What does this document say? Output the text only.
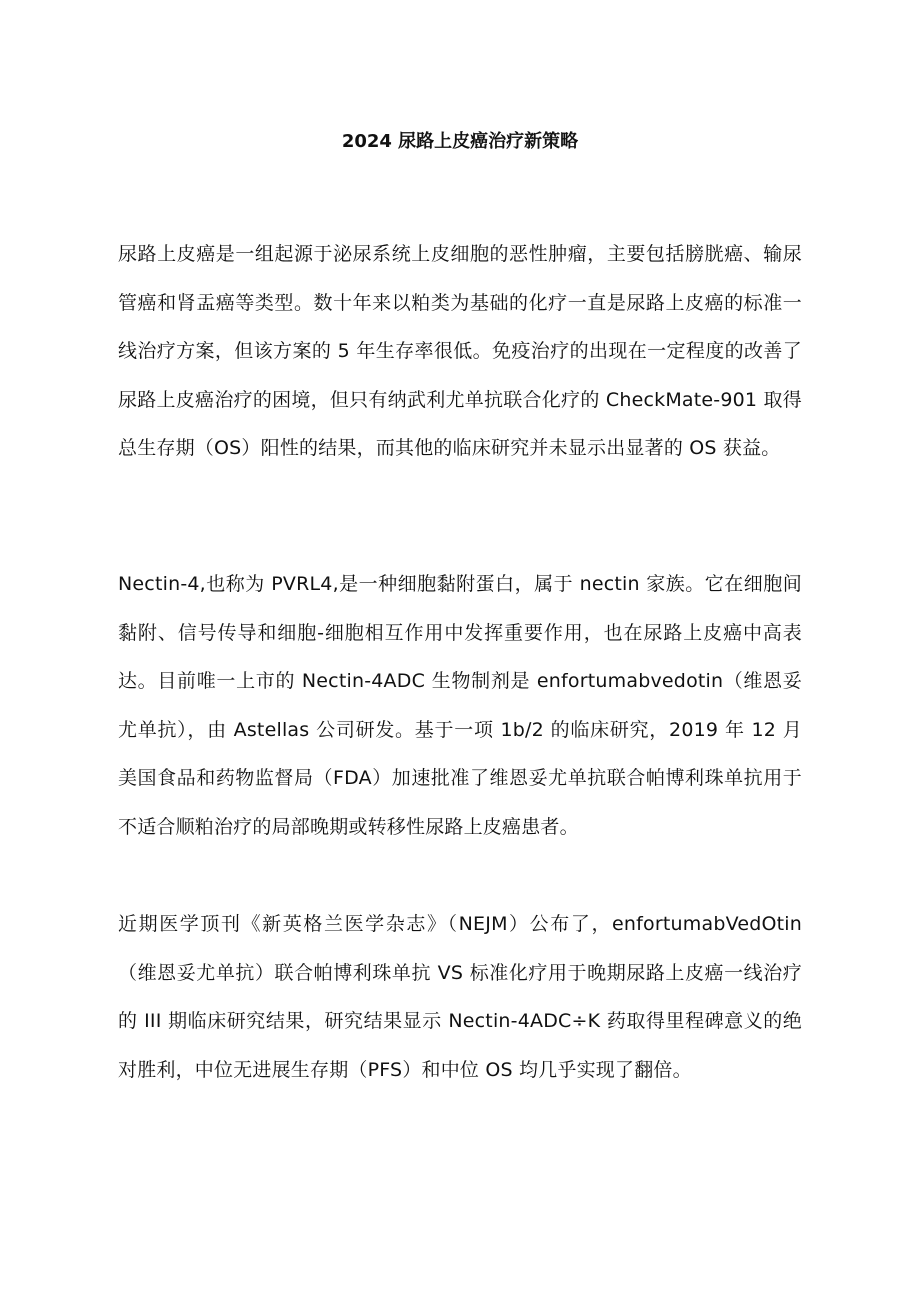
2024 尿路上皮癌治疗新策略

尿路上皮癌是一组起源于泌尿系统上皮细胞的恶性肿瘤，主要包括膀胱癌、输尿管癌和肾盂癌等类型。数十年来以粕类为基础的化疗一直是尿路上皮癌的标准一线治疗方案，但该方案的 5 年生存率很低。免疫治疗的出现在一定程度的改善了尿路上皮癌治疗的困境，但只有纳武利尤单抗联合化疗的 CheckMate-901 取得总生存期（OS）阳性的结果，而其他的临床研究并未显示出显著的 OS 获益。

Nectin-4,也称为 PVRL4,是一种细胞黏附蛋白，属于 nectin 家族。它在细胞间黏附、信号传导和细胞-细胞相互作用中发挥重要作用，也在尿路上皮癌中高表达。目前唯一上市的 Nectin-4ADC 生物制剂是 enfortumabvedotin（维恩妥尤单抗），由 Astellas 公司研发。基于一项 1b∕2 的临床研究，2019 年 12 月美国食品和药物监督局（FDA）加速批准了维恩妥尤单抗联合帕博利珠单抗用于不适合顺粕治疗的局部晚期或转移性尿路上皮癌患者。

近期医学顶刊《新英格兰医学杂志》（NEJM）公布了，enfortumabVedOtin（维恩妥尤单抗）联合帕博利珠单抗 VS 标准化疗用于晚期尿路上皮癌一线治疗的 III 期临床研究结果，研究结果显示 Nectin-4ADC÷K 药取得里程碑意义的绝对胜利，中位无进展生存期（PFS）和中位 OS 均几乎实现了翻倍。
